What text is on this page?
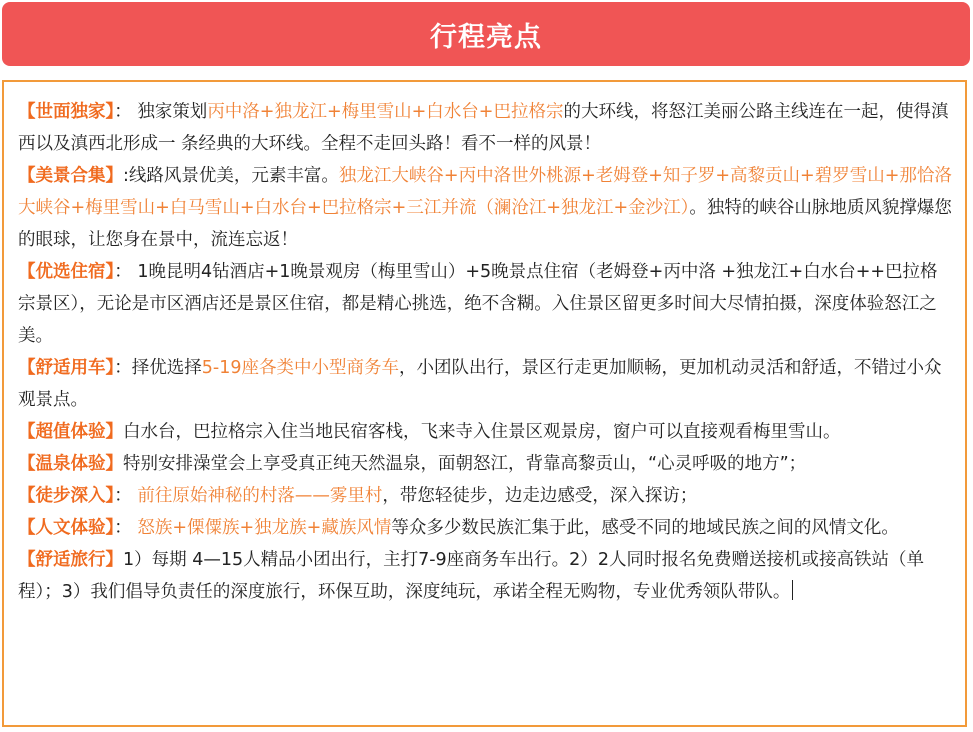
行程亮点

【世面独家】： 独家策划丙中洛+独龙江+梅里雪山+白水台+巴拉格宗的大环线，将怒江美丽公路主线连在一起，使得滇西以及滇西北形成一 条经典的大环线。全程不走回头路！看不一样的风景！

【美景合集】:线路风景优美，元素丰富。独龙江大峡谷+丙中洛世外桃源+老姆登+知子罗+高黎贡山+碧罗雪山+那恰洛大峡谷+梅里雪山+白马雪山+白水台+巴拉格宗+三江并流（澜沧江+独龙江+金沙江）。独特的峡谷山脉地质风貌撑爆您的眼球，让您身在景中，流连忘返！

【优选住宿】： 1晚昆明4钻酒店+1晚景观房（梅里雪山）+5晚景点住宿（老姆登+丙中洛 +独龙江+白水台++巴拉格宗景区），无论是市区酒店还是景区住宿，都是精心挑选，绝不含糊。入住景区留更多时间大尽情拍摄，深度体验怒江之美。

【舒适用车】：择优选择5-19座各类中小型商务车，小团队出行，景区行走更加顺畅，更加机动灵活和舒适，不错过小众观景点。

【超值体验】白水台，巴拉格宗入住当地民宿客栈，飞来寺入住景区观景房，窗户可以直接观看梅里雪山。

【温泉体验】特别安排澡堂会上享受真正纯天然温泉，面朝怒江，背靠高黎贡山，“心灵呼吸的地方”；

【徒步深入】： 前往原始神秘的村落——雾里村，带您轻徒步，边走边感受，深入探访；

【人文体验】： 怒族+傈僳族+独龙族+藏族风情等众多少数民族汇集于此，感受不同的地域民族之间的风情文化。

【舒适旅行】1）每期 4—15人精品小团出行，主打7-9座商务车出行。2）2人同时报名免费赠送接机或接高铁站（单程）；3）我们倡导负责任的深度旅行，环保互助，深度纯玩，承诺全程无购物，专业优秀领队带队。
